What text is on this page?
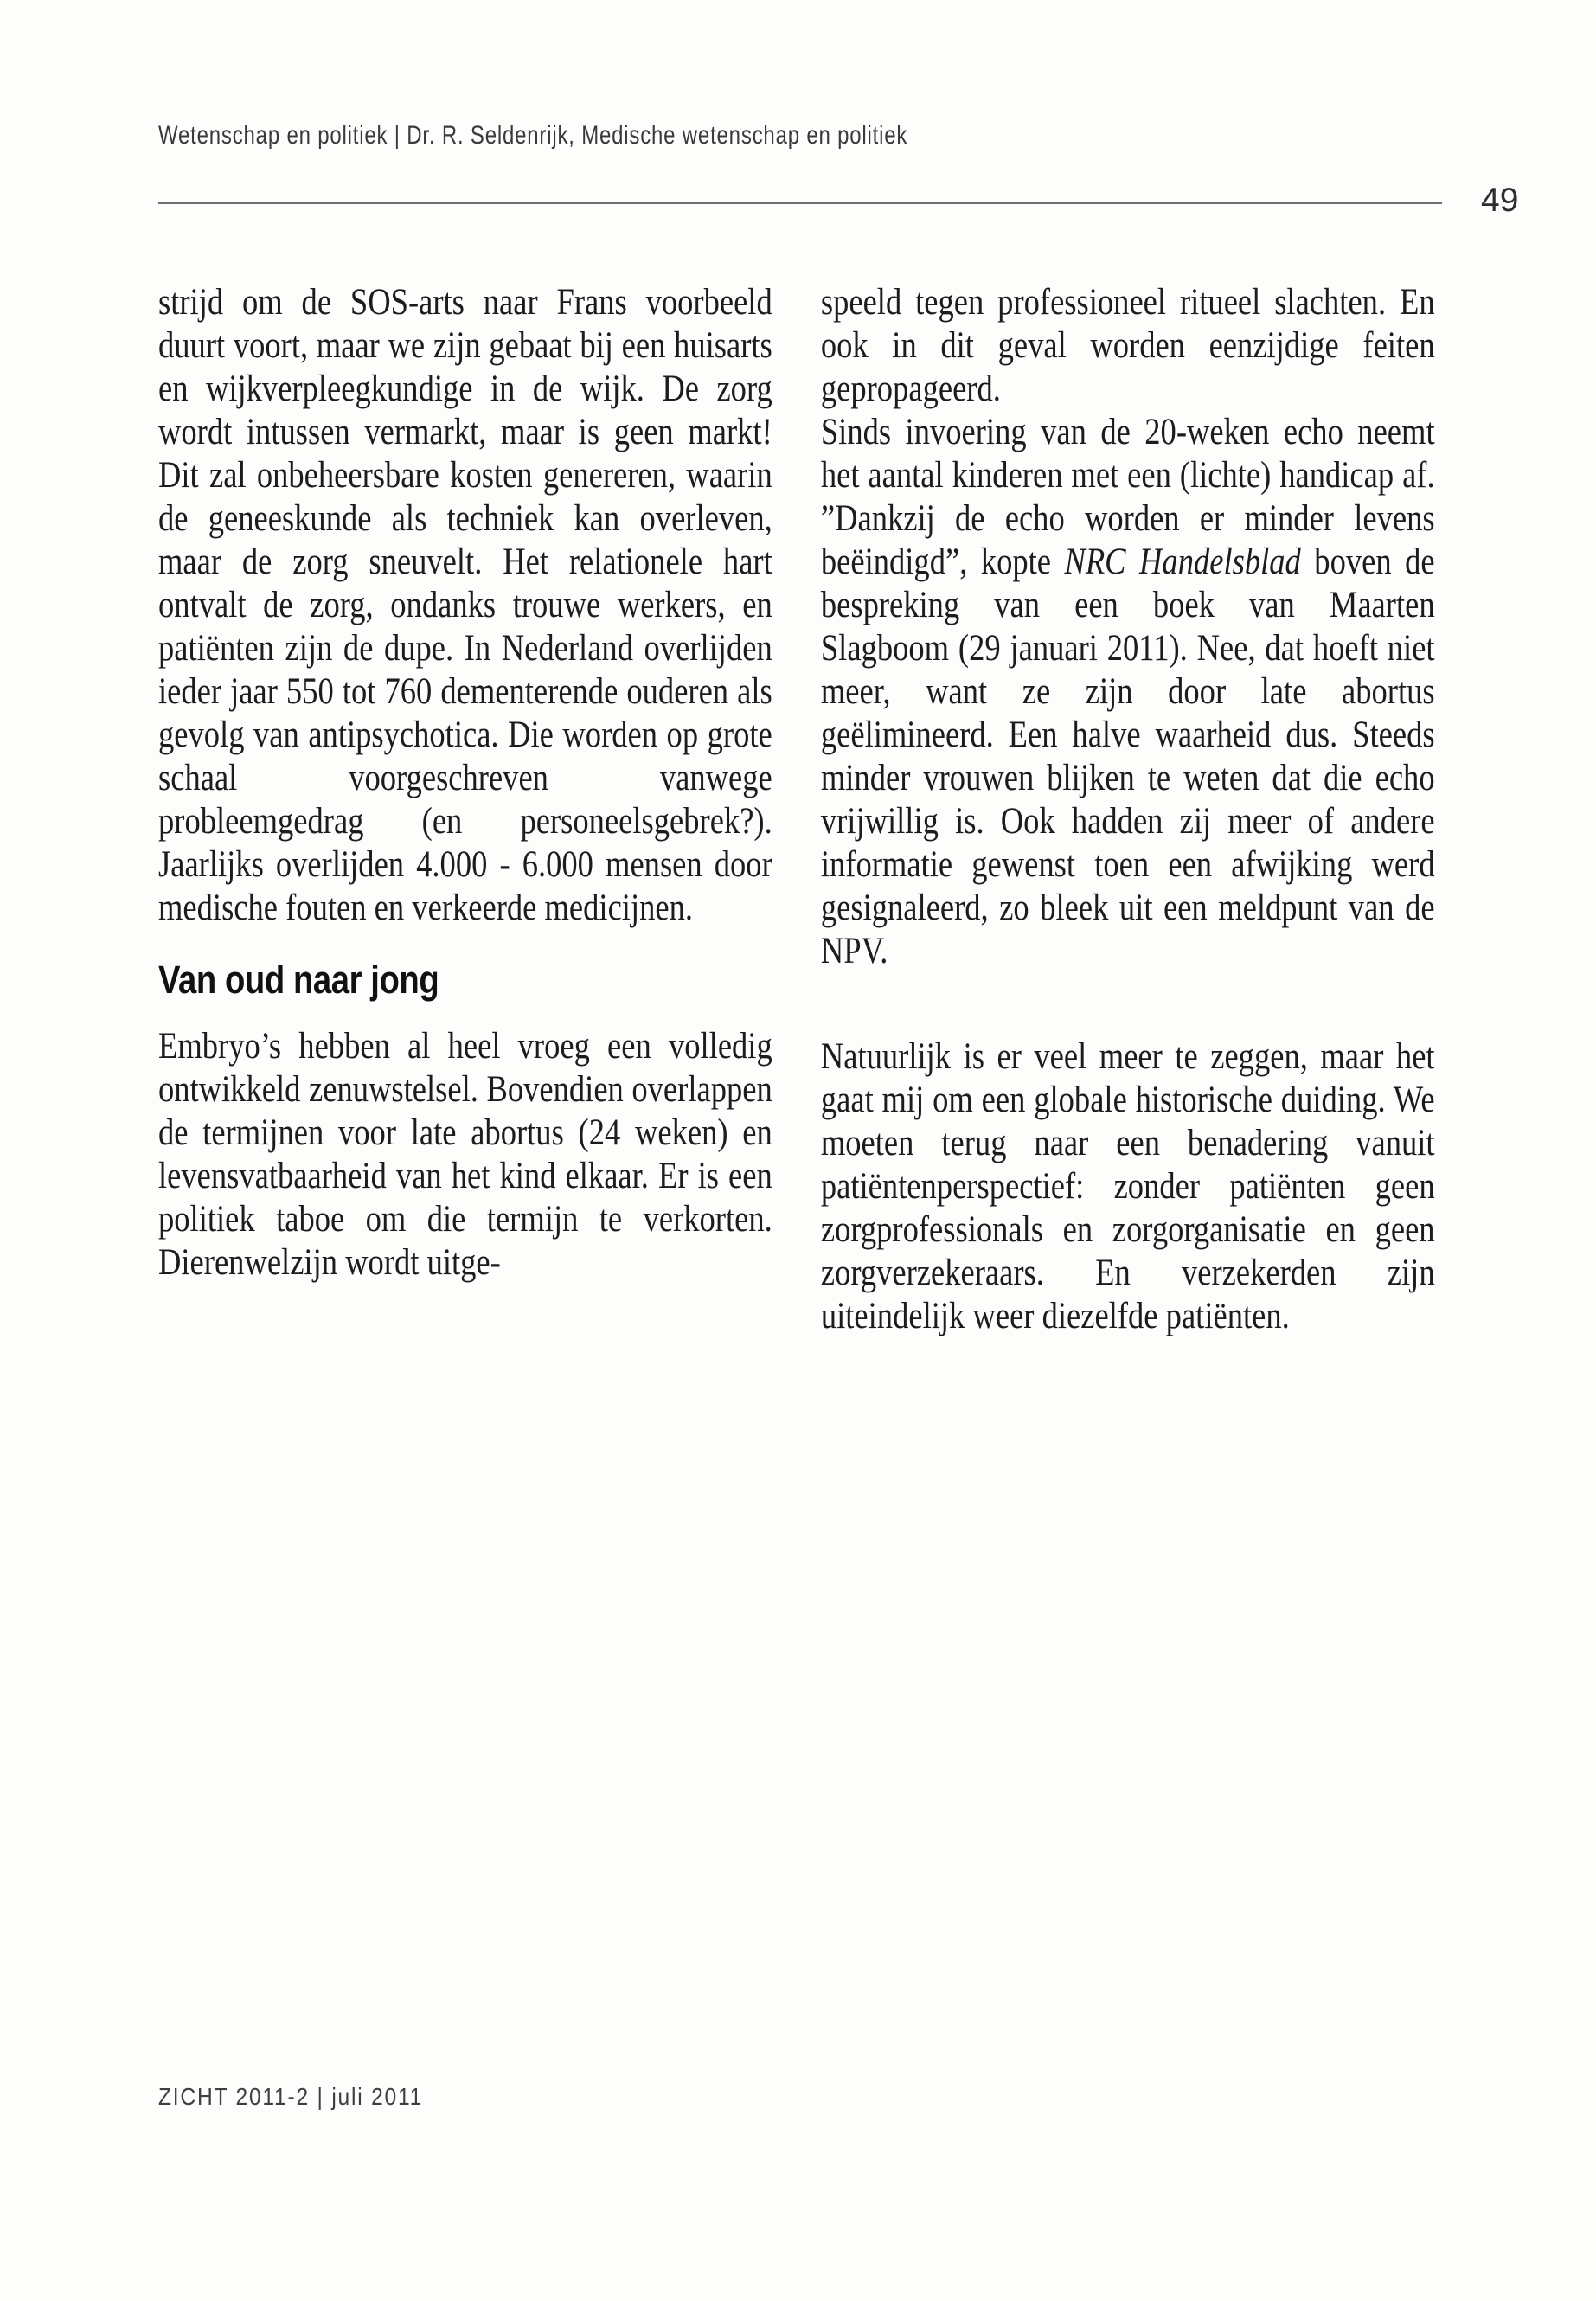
Wetenschap en politiek | Dr. R. Seldenrijk, Medische wetenschap en politiek
49

strijd om de SOS-arts naar Frans voorbeeld duurt voort, maar we zijn gebaat bij een huisarts en wijkverpleegkundige in de wijk. De zorg wordt intussen vermarkt, maar is geen markt! Dit zal onbeheersbare kosten genereren, waarin de geneeskunde als techniek kan overleven, maar de zorg sneuvelt. Het relationele hart ontvalt de zorg, ondanks trouwe werkers, en patiënten zijn de dupe. In Nederland overlijden ieder jaar 550 tot 760 dementerende ouderen als gevolg van antipsychotica. Die worden op grote schaal voorgeschreven vanwege probleemgedrag (en personeelsgebrek?). Jaarlijks overlijden 4.000 - 6.000 mensen door medische fouten en verkeerde medicijnen.

Van oud naar jong

Embryo’s hebben al heel vroeg een volledig ontwikkeld zenuwstelsel. Bovendien overlappen de termijnen voor late abortus (24 weken) en levensvatbaarheid van het kind elkaar. Er is een politiek taboe om die termijn te verkorten. Dierenwelzijn wordt uitge-

speeld tegen professioneel ritueel slachten. En ook in dit geval worden eenzijdige feiten gepropageerd.

Sinds invoering van de 20-weken echo neemt het aantal kinderen met een (lichte) handicap af. ”Dankzij de echo worden er minder levens beëindigd”, kopte NRC Handelsblad boven de bespreking van een boek van Maarten Slagboom (29 januari 2011). Nee, dat hoeft niet meer, want ze zijn door late abortus geëlimineerd. Een halve waarheid dus. Steeds minder vrouwen blijken te weten dat die echo vrijwillig is. Ook hadden zij meer of andere informatie gewenst toen een afwijking werd gesignaleerd, zo bleek uit een meldpunt van de NPV.

Natuurlijk is er veel meer te zeggen, maar het gaat mij om een globale historische duiding. We moeten terug naar een benadering vanuit patiëntenperspectief: zonder patiënten geen zorgprofessionals en zorgorganisatie en geen zorgverzekeraars. En verzekerden zijn uiteindelijk weer diezelfde patiënten.

ZICHT 2011-2 | juli 2011
